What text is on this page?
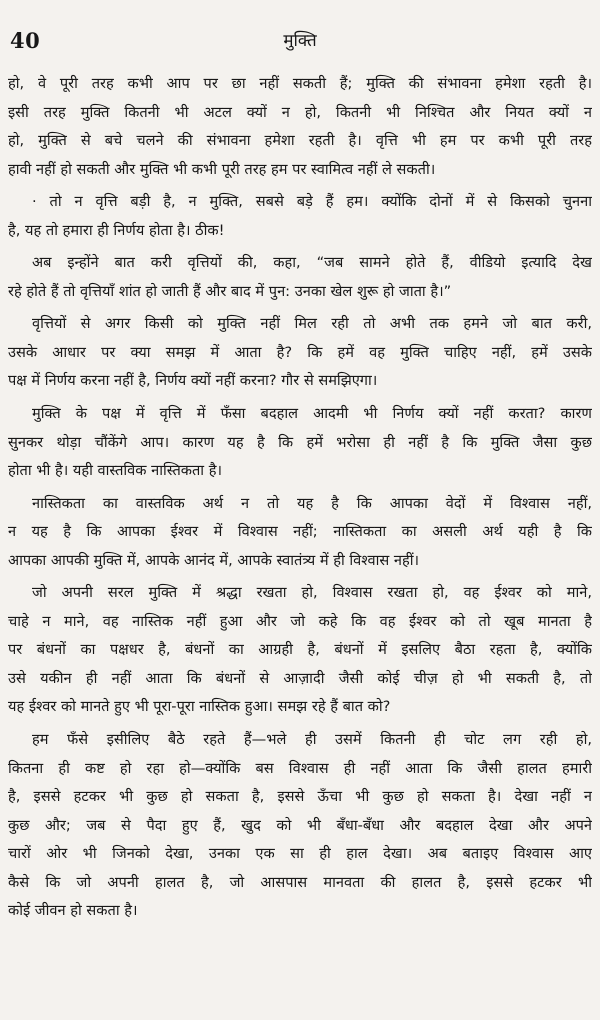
40	मुक्ति
हो, वे पूरी तरह कभी आप पर छा नहीं सकती हैं; मुक्ति की संभावना हमेशा रहती है।
इसी तरह मुक्ति कितनी भी अटल क्यों न हो, कितनी भी निश्चित और नियत क्यों न
हो, मुक्ति से बचे चलने की संभावना हमेशा रहती है। वृत्ति भी हम पर कभी पूरी तरह
हावी नहीं हो सकती और मुक्ति भी कभी पूरी तरह हम पर स्वामित्व नहीं ले सकती।
· तो न वृत्ति बड़ी है, न मुक्ति, सबसे बड़े हैं हम। क्योंकि दोनों में से किसको चुनना
है, यह तो हमारा ही निर्णय होता है। ठीक!
अब इन्होंने बात करी वृत्तियों की, कहा, “जब सामने होते हैं, वीडियो इत्यादि देख
रहे होते हैं तो वृत्तियाँ शांत हो जाती हैं और बाद में पुन: उनका खेल शुरू हो जाता है।”
वृत्तियों से अगर किसी को मुक्ति नहीं मिल रही तो अभी तक हमने जो बात करी,
उसके आधार पर क्या समझ में आता है? कि हमें वह मुक्ति चाहिए नहीं, हमें उसके
पक्ष में निर्णय करना नहीं है, निर्णय क्यों नहीं करना? गौर से समझिएगा।
मुक्ति के पक्ष में वृत्ति में फँसा बदहाल आदमी भी निर्णय क्यों नहीं करता? कारण
सुनकर थोड़ा चौंकेंगे आप। कारण यह है कि हमें भरोसा ही नहीं है कि मुक्ति जैसा कुछ
होता भी है। यही वास्तविक नास्तिकता है।
नास्तिकता का वास्तविक अर्थ न तो यह है कि आपका वेदों में विश्वास नहीं,
न यह है कि आपका ईश्वर में विश्वास नहीं; नास्तिकता का असली अर्थ यही है कि
आपका आपकी मुक्ति में, आपके आनंद में, आपके स्वातंत्र्य में ही विश्वास नहीं।
जो अपनी सरल मुक्ति में श्रद्धा रखता हो, विश्वास रखता हो, वह ईश्वर को माने,
चाहे न माने, वह नास्तिक नहीं हुआ और जो कहे कि वह ईश्वर को तो खूब मानता है
पर बंधनों का पक्षधर है, बंधनों का आग्रही है, बंधनों में इसलिए बैठा रहता है, क्योंकि
उसे यकीन ही नहीं आता कि बंधनों से आज़ादी जैसी कोई चीज़ हो भी सकती है, तो
यह ईश्वर को मानते हुए भी पूरा-पूरा नास्तिक हुआ। समझ रहे हैं बात को?
हम फँसे इसीलिए बैठे रहते हैं—भले ही उसमें कितनी ही चोट लग रही हो,
कितना ही कष्ट हो रहा हो—क्योंकि बस विश्वास ही नहीं आता कि जैसी हालत हमारी
है, इससे हटकर भी कुछ हो सकता है, इससे ऊँचा भी कुछ हो सकता है। देखा नहीं न
कुछ और; जब से पैदा हुए हैं, खुद को भी बँधा-बँधा और बदहाल देखा और अपने
चारों ओर भी जिनको देखा, उनका एक सा ही हाल देखा। अब बताइए विश्वास आए
कैसे कि जो अपनी हालत है, जो आसपास मानवता की हालत है, इससे हटकर भी
कोई जीवन हो सकता है।
